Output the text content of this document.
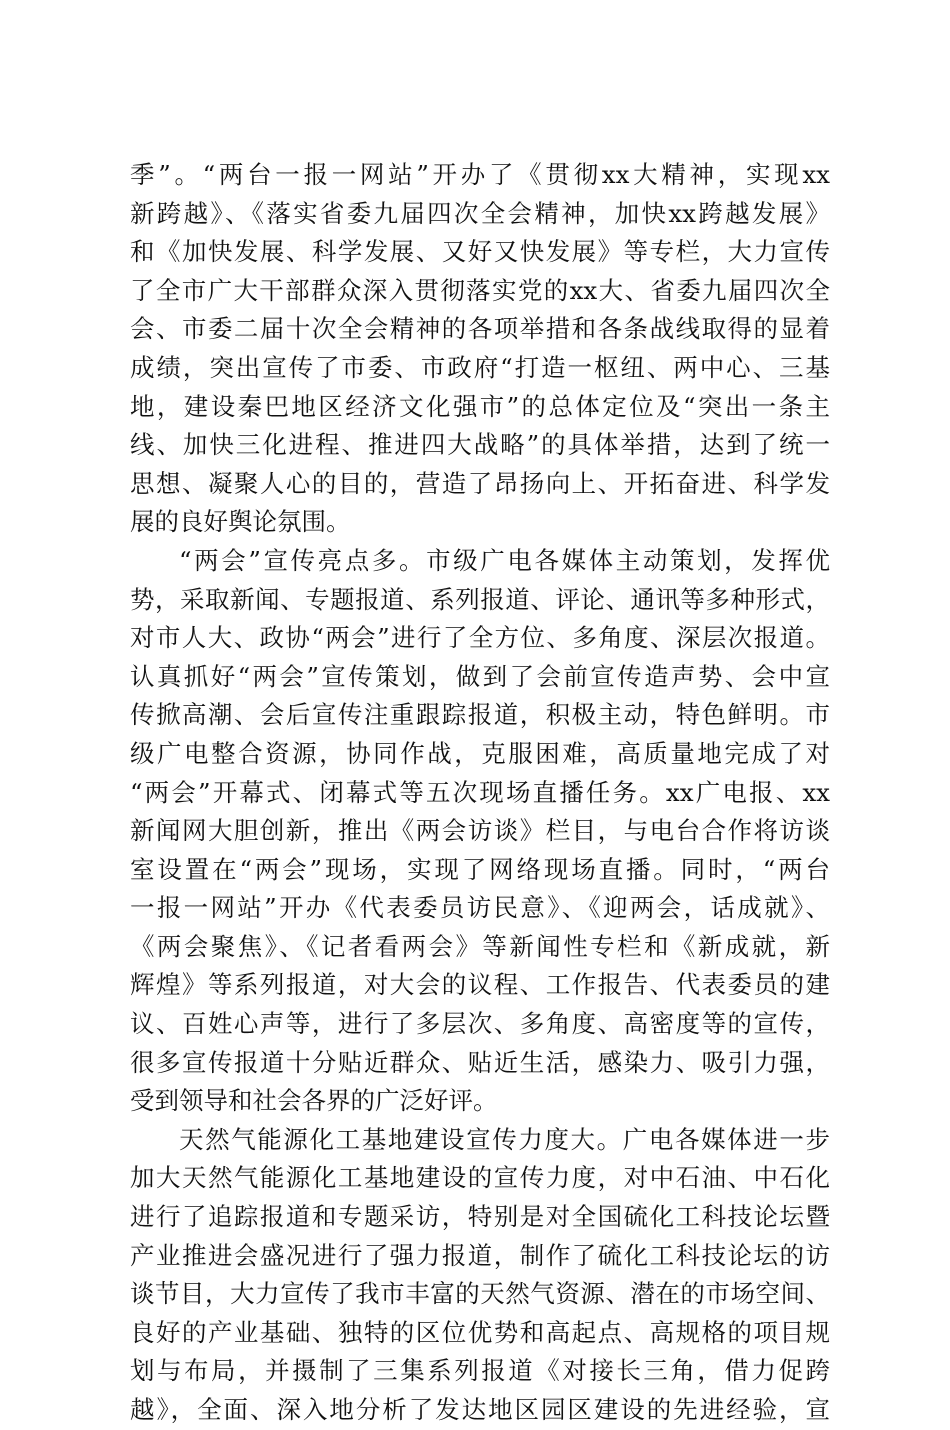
季”。“两台一报一网站”开办了《贯彻xx大精神，实现xx
新跨越》、《落实省委九届四次全会精神，加快xx跨越发展》
和《加快发展、科学发展、又好又快发展》等专栏，大力宣传
了全市广大干部群众深入贯彻落实党的xx大、省委九届四次全
会、市委二届十次全会精神的各项举措和各条战线取得的显着
成绩，突出宣传了市委、市政府“打造一枢纽、两中心、三基
地，建设秦巴地区经济文化强市”的总体定位及“突出一条主
线、加快三化进程、推进四大战略”的具体举措，达到了统一
思想、凝聚人心的目的，营造了昂扬向上、开拓奋进、科学发
展的良好舆论氛围。
“两会”宣传亮点多。市级广电各媒体主动策划，发挥优
势，采取新闻、专题报道、系列报道、评论、通讯等多种形式，
对市人大、政协“两会”进行了全方位、多角度、深层次报道。
认真抓好“两会”宣传策划，做到了会前宣传造声势、会中宣
传掀高潮、会后宣传注重跟踪报道，积极主动，特色鲜明。市
级广电整合资源，协同作战，克服困难，高质量地完成了对
“两会”开幕式、闭幕式等五次现场直播任务。xx广电报、xx
新闻网大胆创新，推出《两会访谈》栏目，与电台合作将访谈
室设置在“两会”现场，实现了网络现场直播。同时，“两台
一报一网站”开办《代表委员访民意》、《迎两会，话成就》、
《两会聚焦》、《记者看两会》等新闻性专栏和《新成就，新
辉煌》等系列报道，对大会的议程、工作报告、代表委员的建
议、百姓心声等，进行了多层次、多角度、高密度等的宣传，
很多宣传报道十分贴近群众、贴近生活，感染力、吸引力强，
受到领导和社会各界的广泛好评。
天然气能源化工基地建设宣传力度大。广电各媒体进一步
加大天然气能源化工基地建设的宣传力度，对中石油、中石化
进行了追踪报道和专题采访，特别是对全国硫化工科技论坛暨
产业推进会盛况进行了强力报道，制作了硫化工科技论坛的访
谈节目，大力宣传了我市丰富的天然气资源、潜在的市场空间、
良好的产业基础、独特的区位优势和高起点、高规格的项目规
划与布局，并摄制了三集系列报道《对接长三角，借力促跨
越》，全面、深入地分析了发达地区园区建设的先进经验，宣
